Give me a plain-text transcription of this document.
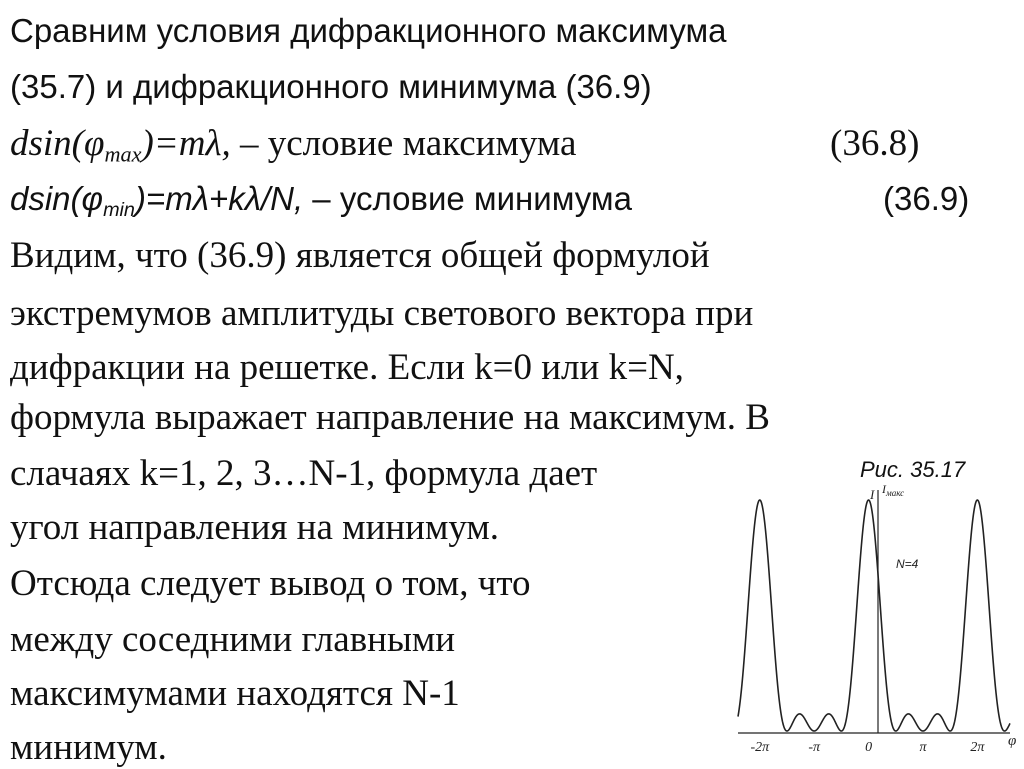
Сравним условия дифракционного максимума
(35.7) и дифракционного минимума (36.9)
$dsin(\varphi_{max})=m\lambda$, – условие максимума	(36.8)
$dsin(\varphi_{min})=m\lambda+k\lambda/N$, – условие минимума	(36.9)
Видим, что (36.9) является общей формулой
экстремумов амплитуды светового вектора при
дифракции на решетке. Если k=0 или k=N,
формула выражает направление на максимум. В
слачаях k=1, 2, 3…N-1, формула дает
угол направления на минимум.
Отсюда следует вывод о том, что
между соседними главными
максимумами находятся N-1
минимум.
Рис. 35.17
I $I_{макс}$
N=4
-2π	-π	0	π	2π φ
